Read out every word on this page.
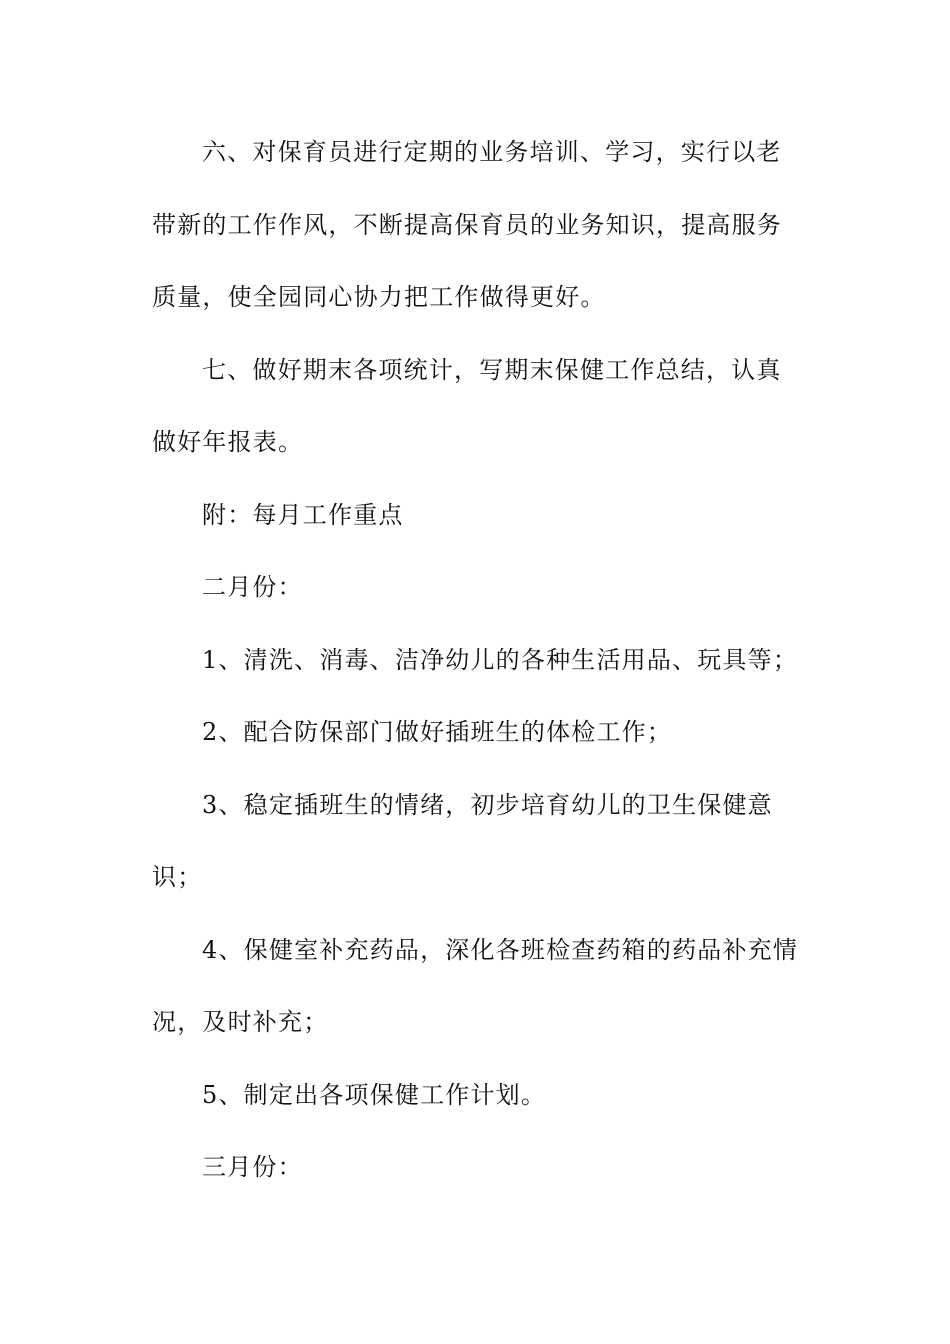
六、对保育员进行定期的业务培训、学习，实行以老
带新的工作作风，不断提高保育员的业务知识，提高服务
质量，使全园同心协力把工作做得更好。
七、做好期末各项统计，写期末保健工作总结，认真
做好年报表。
附：每月工作重点
二月份：
1、清洗、消毒、洁净幼儿的各种生活用品、玩具等；
2、配合防保部门做好插班生的体检工作；
3、稳定插班生的情绪，初步培育幼儿的卫生保健意
识；
4、保健室补充药品，深化各班检查药箱的药品补充情
况，及时补充；
5、制定出各项保健工作计划。
三月份：
